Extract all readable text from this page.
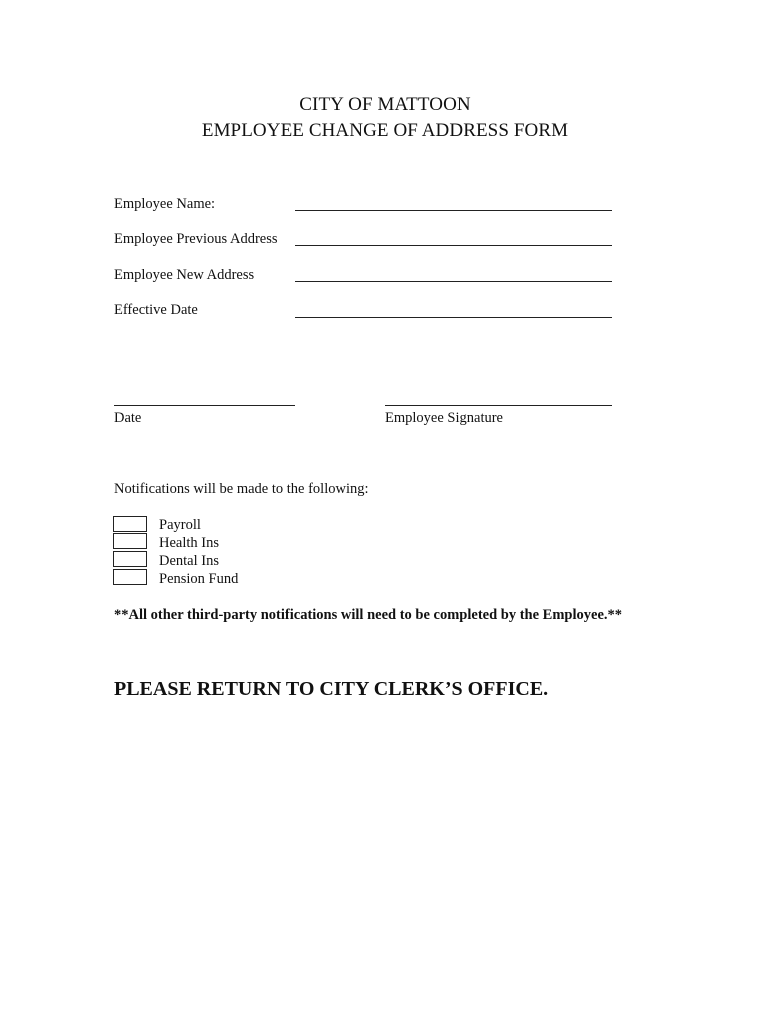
CITY OF MATTOON
EMPLOYEE CHANGE OF ADDRESS FORM
Employee Name:
Employee Previous Address
Employee New Address
Effective Date
Date	Employee Signature
Notifications will be made to the following:
Payroll
Health Ins
Dental Ins
Pension Fund
**All other third-party notifications will need to be completed by the Employee.**
PLEASE RETURN TO CITY CLERK’S OFFICE.
